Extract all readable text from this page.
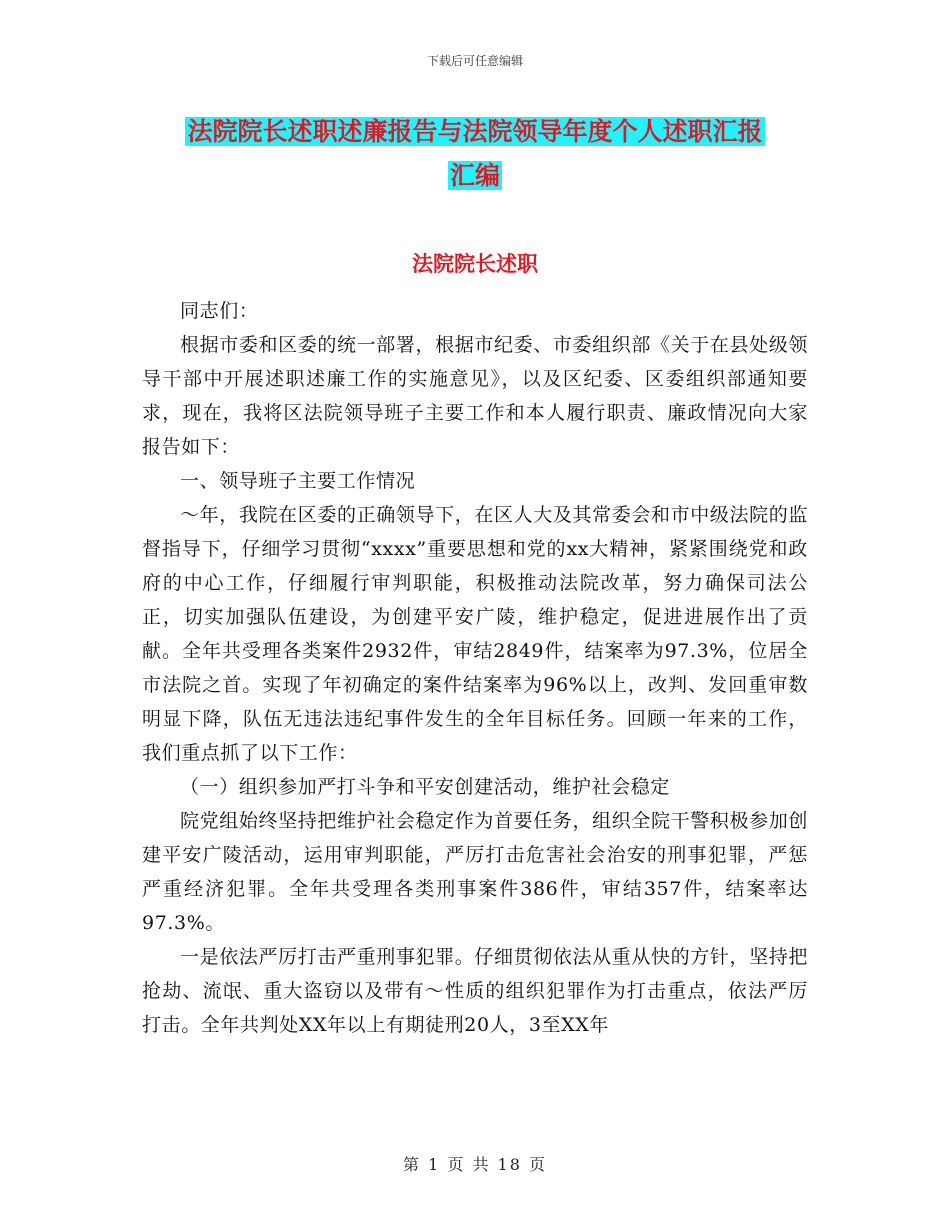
下载后可任意编辑
法院院长述职述廉报告与法院领导年度个人述职汇报
汇编
法院院长述职

同志们：

根据市委和区委的统一部署，根据市纪委、市委组织部《关于在县处级领导干部中开展述职述廉工作的实施意见》，以及区纪委、区委组织部通知要求，现在，我将区法院领导班子主要工作和本人履行职责、廉政情况向大家报告如下：

一、领导班子主要工作情况

～年，我院在区委的正确领导下，在区人大及其常委会和市中级法院的监督指导下，仔细学习贯彻“xxxx”重要思想和党的xx大精神，紧紧围绕党和政府的中心工作，仔细履行审判职能，积极推动法院改革，努力确保司法公正，切实加强队伍建设，为创建平安广陵，维护稳定，促进进展作出了贡献。全年共受理各类案件2932件，审结2849件，结案率为97.3%，位居全市法院之首。实现了年初确定的案件结案率为96%以上，改判、发回重审数明显下降，队伍无违法违纪事件发生的全年目标任务。回顾一年来的工作，我们重点抓了以下工作：

（一）组织参加严打斗争和平安创建活动，维护社会稳定

院党组始终坚持把维护社会稳定作为首要任务，组织全院干警积极参加创建平安广陵活动，运用审判职能，严厉打击危害社会治安的刑事犯罪，严惩严重经济犯罪。全年共受理各类刑事案件386件，审结357件，结案率达97.3%。

一是依法严厉打击严重刑事犯罪。仔细贯彻依法从重从快的方针，坚持把抢劫、流氓、重大盗窃以及带有～性质的组织犯罪作为打击重点，依法严厉打击。全年共判处XX年以上有期徒刑20人，3至XX年

第 1 页 共 18 页
